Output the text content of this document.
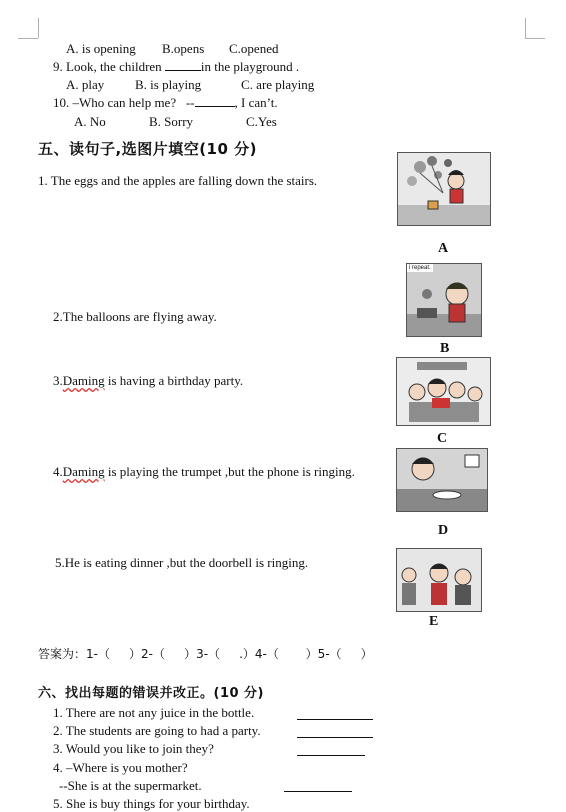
A. is opening B.opens C.opened
9. Look, the children	in the playground .
A. play B. is playing	C. are playing
10. –Who can help me?   --	, I can’t.
A. No	B. Sorry	C.Yes
五、读句子,选图片填空(10 分)
1. The eggs and the apples are falling down the stairs.
2.The balloons are flying away.
3.Daming is having a birthday party.
4.Daming is playing the trumpet ,but the phone is ringing.
5.He is eating dinner ,but the doorbell is ringing.
A
i repeat.
B
C
D
E
答案为：1-（     ）2-（     ）3-（     .）4-（       ）5-（     ）
六、找出每题的错误并改正。(10 分)
1. There are not any juice in the bottle.
2. The students are going to had a party.
3. Would you like to join they?
4. –Where is you mother?
--She is at the supermarket.
5. She is buy things for your birthday.
